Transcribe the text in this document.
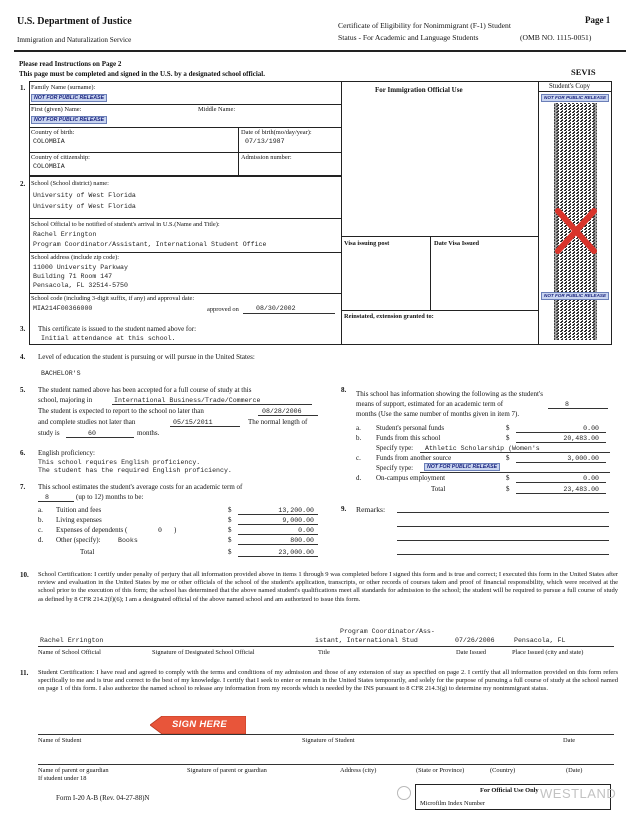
U.S. Department of Justice
Immigration and Naturalization Service
Certificate of Eligibility for Nonimmigrant (F-1) Student
Status - For Academic and Language Students	(OMB NO. 1115-0051)
Page 1
Please read Instructions on Page 2
This page must be completed and signed in the U.S. by a designated school official.	SEVIS
For Immigration Official Use	Student's Copy
1. Family Name (surname):
NOT FOR PUBLIC RELEASE
First (given) Name:	Middle Name:
NOT FOR PUBLIC RELEASE
Country of birth:
COLOMBIA
Date of birth(mo/day/year):
07/13/1987
Country of citizenship:
COLOMBIA
Admission number:
2. School (School district) name:
University of West Florida
University of West Florida
School Official to be notified of student's arrival in U.S.(Name and Title):
Rachel Errington
Program Coordinator/Assistant, International Student Office
School address (include zip code):
11000 University Parkway
Building 71 Room 147
Pensacola, FL 32514-5750
School code (including 3-digit suffix, if any) and approval date:
MIA214F00366000	approved on	08/30/2002
Visa issuing post	Date Visa Issued
Reinstated, extension granted to:
NOT FOR PUBLIC RELEASE
NOT FOR PUBLIC RELEASE
3. This certificate is issued to the student named above for:
Initial attendance at this school.
4. Level of education the student is pursuing or will pursue in the United States:
BACHELOR'S
5. The student named above has been accepted for a full course of study at this
school, majoring in	International Business/Trade/Commerce
The student is expected to report to the school no later than	08/28/2006
and complete studies not later than	05/15/2011	The normal length of
study is	60	months.
6. English proficiency:
This school requires English proficiency.
The student has the required English proficiency.
7. This school estimates the student's average costs for an academic term of
8	(up to 12) months to be:
a. Tuition and fees	$	13,200.00
b. Living expenses	$	9,000.00
c. Expenses of dependents (	0 )	$	0.00
d. Other (specify):	Books	$	800.00
Total	$	23,000.00
8. This school has information showing the following as the student's
means of support, estimated for an academic term of	8
months (Use the same number of months given in item 7).
a. Student's personal funds	$	0.00
b. Funds from this school	$	20,483.00
c. Funds from another source	$	3,000.00
d. On-campus employment	$	0.00
Specify type: Athletic Scholarship (Women's
Specify type:	NOT FOR PUBLIC RELEASE
Total	$	23,483.00
9. Remarks:
10. School Certification: I certify under penalty of perjury that all information provided above in items 1 through 9 was completed before I signed this form and is true and correct; I executed this form in the United States after review and evaluation in the United States by me or other officials of the school of the student's application, transcripts, or other records of courses taken and proof of financial responsibility, which were received at the school prior to the execution of this form; the school has determined that the above named student's qualifications meet all standards for admission to the school; the student will be required to pursue a full course of study as defined by 8 CFR 214.2(f)(6); I am a designated official of the above named school and am authorized to issue this form.
Rachel Errington
Program Coordinator/ Ass-
istant, International Stud	07/26/2006	Pensacola, FL
Name of School Official	Signature of Designated School Official	Title	Date Issued	Place Issued (city and state)
11. Student Certification: I have read and agreed to comply with the terms and conditions of my admission and those of any extension of stay as specified on page 2. I certify that all information provided on this form refers specifically to me and is true and correct to the best of my knowledge. I certify that I seek to enter or remain in the United States temporarily, and solely for the purpose of pursuing a full course of study at the school named on page 1 of this form. I also authorize the named school to release any information from my records which is needed by the INS pursuant to 8 CFR 214.3(g) to determine my nonimmigrant status.
SIGN HERE
Name of Student	Signature of Student	Date
Name of parent or guardian	Signature of parent or guardian	Address (city)	(State or Province)	(Country)	(Date)
If student under 18
Form I-20 A-B (Rev. 04-27-88)N
For Official Use Only
Microfilm Index Number
WESTLAND
